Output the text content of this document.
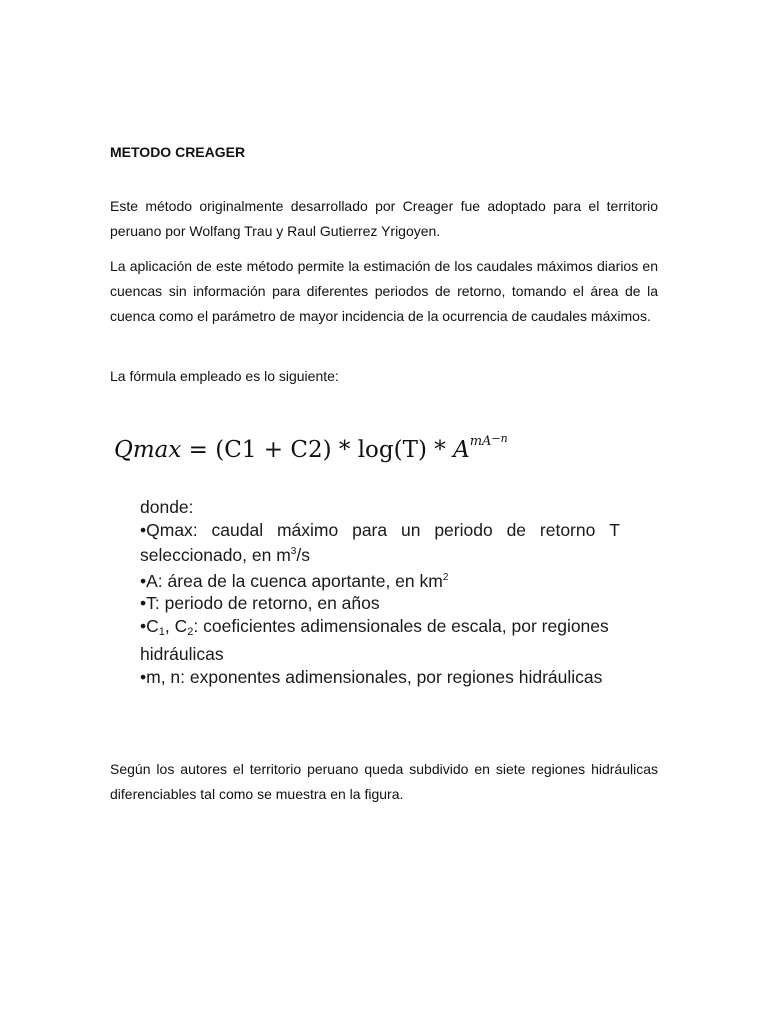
METODO CREAGER

Este método originalmente desarrollado por Creager fue adoptado para el territorio peruano por Wolfang Trau y Raul Gutierrez Yrigoyen.

La aplicación de este método permite la estimación de los caudales máximos diarios en cuencas sin información para diferentes periodos de retorno, tomando el área de la cuenca como el parámetro de mayor incidencia de la ocurrencia de caudales máximos.

La fórmula empleado es lo siguiente:

$Qmax = (C1 + C2) * \log(T) * A^{mA^{-n}}$
donde:
•Qmax: caudal máximo para un periodo de retorno T
seleccionado, en $m^3/s$
•A: área de la cuenca aportante, en $km^2$
•T: periodo de retorno, en años
$•C_1$, $C_2$: coeficientes adimensionales de escala, por regiones
hidráulicas
•m, n: exponentes adimensionales, por regiones hidráulicas

Según los autores el territorio peruano queda subdivido en siete regiones hidráulicas diferenciables tal como se muestra en la figura.
